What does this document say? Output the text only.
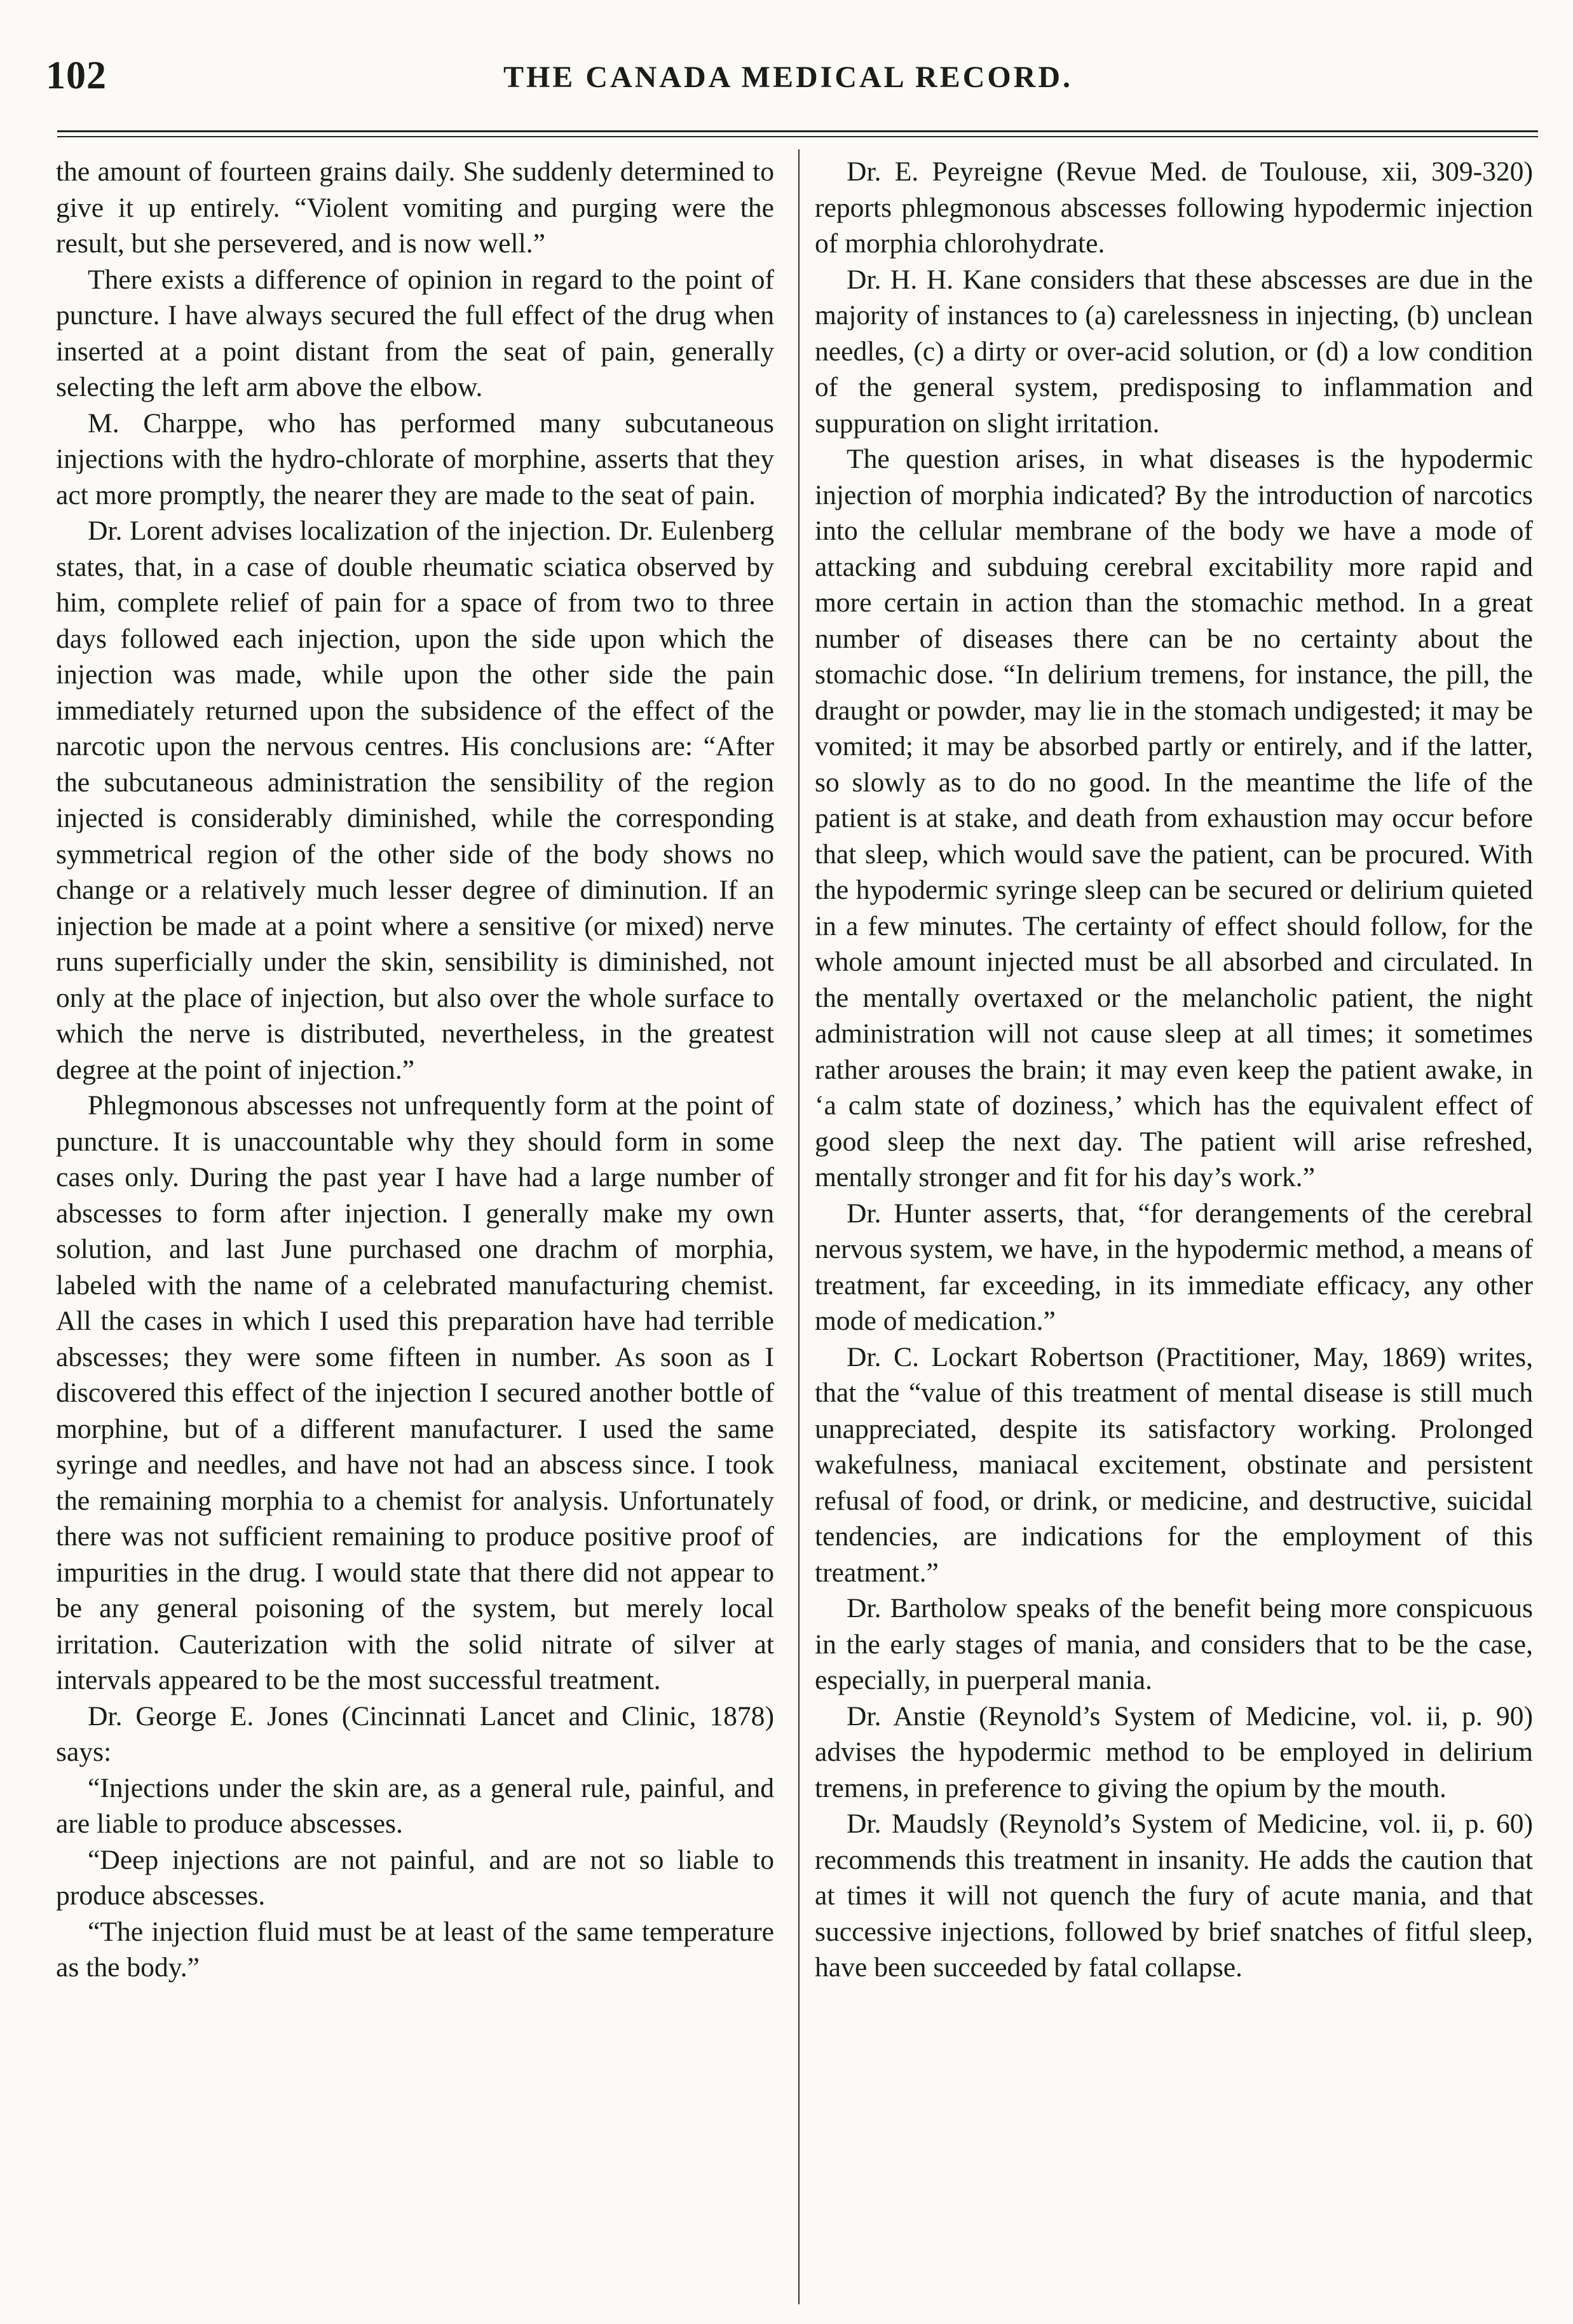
102	THE CANADA MEDICAL RECORD.

the amount of fourteen grains daily. She suddenly determined to give it up entirely. “Violent vomiting and purging were the result, but she persevered, and is now well.”

There exists a difference of opinion in regard to the point of puncture. I have always secured the full effect of the drug when inserted at a point distant from the seat of pain, generally selecting the left arm above the elbow.

M. Charppe, who has performed many subcutaneous injections with the hydro-chlorate of morphine, asserts that they act more promptly, the nearer they are made to the seat of pain.

Dr. Lorent advises localization of the injection. Dr. Eulenberg states, that, in a case of double rheumatic sciatica observed by him, complete relief of pain for a space of from two to three days followed each injection, upon the side upon which the injection was made, while upon the other side the pain immediately returned upon the subsidence of the effect of the narcotic upon the nervous centres. His conclusions are: “After the subcutaneous administration the sensibility of the region injected is considerably diminished, while the corresponding symmetrical region of the other side of the body shows no change or a relatively much lesser degree of diminution. If an injection be made at a point where a sensitive (or mixed) nerve runs superficially under the skin, sensibility is diminished, not only at the place of injection, but also over the whole surface to which the nerve is distributed, nevertheless, in the greatest degree at the point of injection.”

Phlegmonous abscesses not unfrequently form at the point of puncture. It is unaccountable why they should form in some cases only. During the past year I have had a large number of abscesses to form after injection. I generally make my own solution, and last June purchased one drachm of morphia, labeled with the name of a celebrated manufacturing chemist. All the cases in which I used this preparation have had terrible abscesses; they were some fifteen in number. As soon as I discovered this effect of the injection I secured another bottle of morphine, but of a different manufacturer. I used the same syringe and needles, and have not had an abscess since. I took the remaining morphia to a chemist for analysis. Unfortunately there was not sufficient remaining to produce positive proof of impurities in the drug. I would state that there did not appear to be any general poisoning of the system, but merely local irritation. Cauterization with the solid nitrate of silver at intervals appeared to be the most successful treatment.

Dr. George E. Jones (Cincinnati Lancet and Clinic, 1878) says:

“Injections under the skin are, as a general rule, painful, and are liable to produce abscesses.

“Deep injections are not painful, and are not so liable to produce abscesses.

“The injection fluid must be at least of the same temperature as the body.”

Dr. E. Peyreigne (Revue Med. de Toulouse, xii, 309-320) reports phlegmonous abscesses following hypodermic injection of morphia chlorohydrate.

Dr. H. H. Kane considers that these abscesses are due in the majority of instances to (a) carelessness in injecting, (b) unclean needles, (c) a dirty or over-acid solution, or (d) a low condition of the general system, predisposing to inflammation and suppuration on slight irritation.

The question arises, in what diseases is the hypodermic injection of morphia indicated? By the introduction of narcotics into the cellular membrane of the body we have a mode of attacking and subduing cerebral excitability more rapid and more certain in action than the stomachic method. In a great number of diseases there can be no certainty about the stomachic dose. “In delirium tremens, for instance, the pill, the draught or powder, may lie in the stomach undigested; it may be vomited; it may be absorbed partly or entirely, and if the latter, so slowly as to do no good. In the meantime the life of the patient is at stake, and death from exhaustion may occur before that sleep, which would save the patient, can be procured. With the hypodermic syringe sleep can be secured or delirium quieted in a few minutes. The certainty of effect should follow, for the whole amount injected must be all absorbed and circulated. In the mentally overtaxed or the melancholic patient, the night administration will not cause sleep at all times; it sometimes rather arouses the brain; it may even keep the patient awake, in ‘a calm state of doziness,’ which has the equivalent effect of good sleep the next day. The patient will arise refreshed, mentally stronger and fit for his day’s work.”

Dr. Hunter asserts, that, “for derangements of the cerebral nervous system, we have, in the hypodermic method, a means of treatment, far exceeding, in its immediate efficacy, any other mode of medication.”

Dr. C. Lockart Robertson (Practitioner, May, 1869) writes, that the “value of this treatment of mental disease is still much unappreciated, despite its satisfactory working. Prolonged wakefulness, maniacal excitement, obstinate and persistent refusal of food, or drink, or medicine, and destructive, suicidal tendencies, are indications for the employment of this treatment.”

Dr. Bartholow speaks of the benefit being more conspicuous in the early stages of mania, and considers that to be the case, especially, in puerperal mania.

Dr. Anstie (Reynold’s System of Medicine, vol. ii, p. 90) advises the hypodermic method to be employed in delirium tremens, in preference to giving the opium by the mouth.

Dr. Maudsly (Reynold’s System of Medicine, vol. ii, p. 60) recommends this treatment in insanity. He adds the caution that at times it will not quench the fury of acute mania, and that successive injections, followed by brief snatches of fitful sleep, have been succeeded by fatal collapse.
